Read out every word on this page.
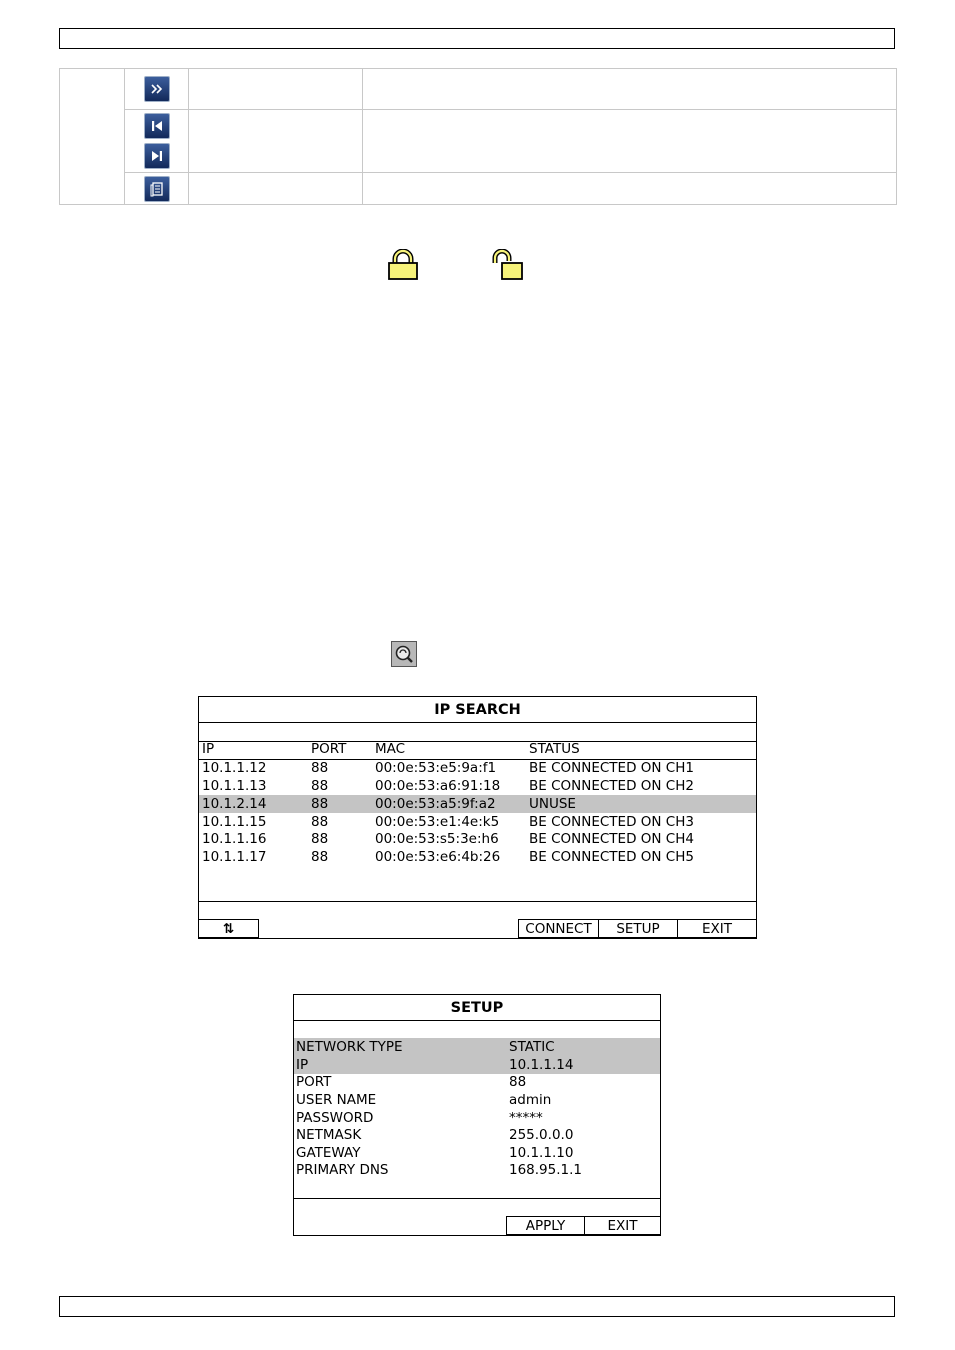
IP SEARCH
IP	PORT MAC	STATUS
10.1.1.12	88	00:0e:53:e5:9a:f1 BE CONNECTED ON CH1
10.1.1.13	88	00:0e:53:a6:91:18 BE CONNECTED ON CH2
10.1.2.14	88	00:0e:53:a5:9f:a2 UNUSE
10.1.1.15	88	00:0e:53:e1:4e:k5 BE CONNECTED ON CH3
10.1.1.16	88	00:0e:53:s5:3e:h6 BE CONNECTED ON CH4
10.1.1.17	88	00:0e:53:e6:4b:26 BE CONNECTED ON CH5
⇅	CONNECT	SETUP	EXIT
SETUP
NETWORK TYPE	STATIC
IP	10.1.1.14
PORT	88
USER NAME	admin
PASSWORD	*****
NETMASK	255.0.0.0
GATEWAY	10.1.1.10
PRIMARY DNS	168.95.1.1
APPLY	EXIT
